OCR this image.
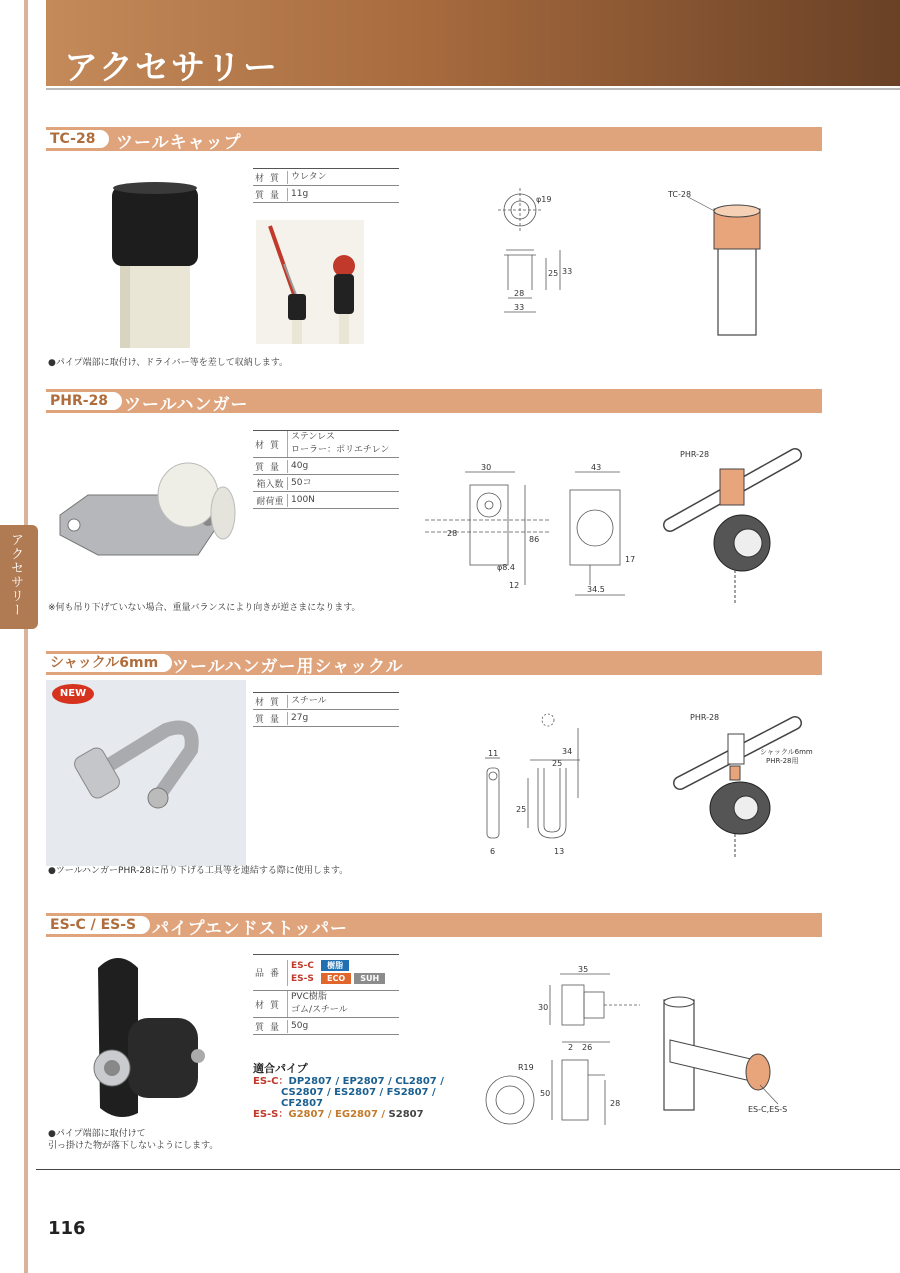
アクセサリー
アクセサリー
TC-28	ツールキャップ
材質 ウレタン
質量 11g
●パイプ端部に取付け、ドライバー等を差して収納します。
φ19
25 33
28
33
TC-28
PHR-28 ツールハンガー
材質
ステンレス
ローラー：ポリエチレン
質量 40g
箱入数 50コ
耐荷重 100N
※何も吊り下げていない場合、重量バランスにより向きが逆さまになります。
30	43
28
86
φ8.4
12
17
34.5
PHR-28
シャックル6mm ツールハンガー用シャックル
NEW
材質 スチール
質量 27g
●ツールハンガーPHR-28に吊り下げる工具等を連結する際に使用します。
11	34
25
25
6	13
PHR-28
シャックル6mm
PHR-28用
ES-C / ES-S パイプエンドストッパー
品番
ES-C 樹脂
ES-S ECO SUH
材質
PVC樹脂
ゴム/スチール
質量 50g
適合パイプ
ES-C：DP2807 / EP2807 / CL2807 /
CS2807 / ES2807 / FS2807 /
CF2807
ES-S：G2807 / EG2807 / S2807
●パイプ端部に取付けて
引っ掛けた物が落下しないようにします。
35
30
2 26
R19
50
28
ES-C,ES-S
116
